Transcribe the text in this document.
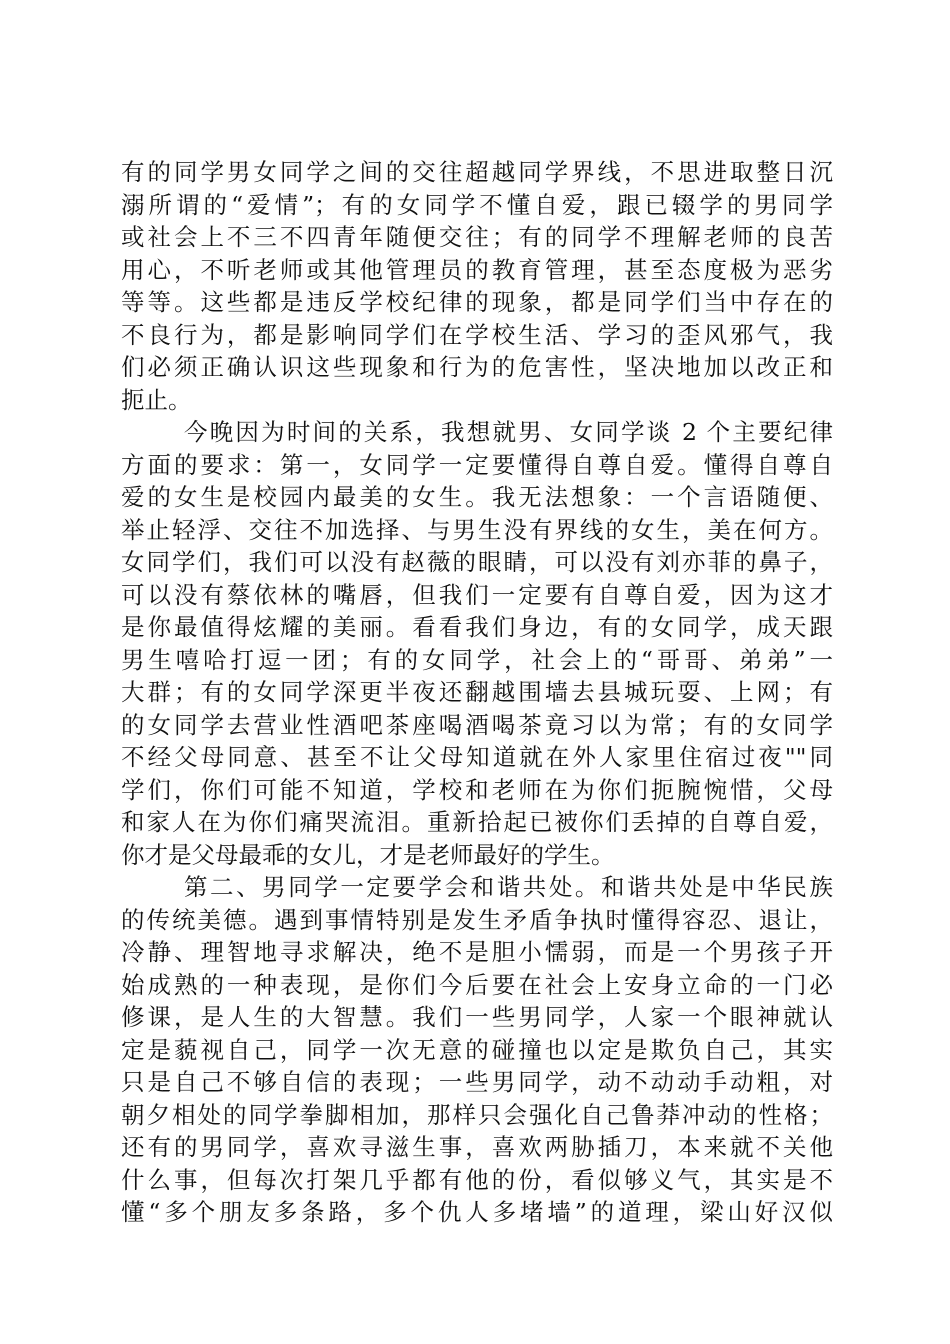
有的同学男女同学之间的交往超越同学界线，不思进取整日沉
溺所谓的“爱情”；有的女同学不懂自爱，跟已辍学的男同学
或社会上不三不四青年随便交往；有的同学不理解老师的良苦
用心，不听老师或其他管理员的教育管理，甚至态度极为恶劣
等等。这些都是违反学校纪律的现象，都是同学们当中存在的
不良行为，都是影响同学们在学校生活、学习的歪风邪气，我
们必须正确认识这些现象和行为的危害性，坚决地加以改正和
扼止。
今晚因为时间的关系，我想就男、女同学谈 2 个主要纪律
方面的要求：第一，女同学一定要懂得自尊自爱。懂得自尊自
爱的女生是校园内最美的女生。我无法想象：一个言语随便、
举止轻浮、交往不加选择、与男生没有界线的女生，美在何方。
女同学们，我们可以没有赵薇的眼睛，可以没有刘亦菲的鼻子，
可以没有蔡依林的嘴唇，但我们一定要有自尊自爱，因为这才
是你最值得炫耀的美丽。看看我们身边，有的女同学，成天跟
男生嘻哈打逗一团；有的女同学，社会上的“哥哥、弟弟”一
大群；有的女同学深更半夜还翻越围墙去县城玩耍、上网；有
的女同学去营业性酒吧茶座喝酒喝茶竟习以为常；有的女同学
不经父母同意、甚至不让父母知道就在外人家里住宿过夜""同
学们，你们可能不知道，学校和老师在为你们扼腕惋惜，父母
和家人在为你们痛哭流泪。重新拾起已被你们丢掉的自尊自爱，
你才是父母最乖的女儿，才是老师最好的学生。
第二、男同学一定要学会和谐共处。和谐共处是中华民族
的传统美德。遇到事情特别是发生矛盾争执时懂得容忍、退让，
冷静、理智地寻求解决，绝不是胆小懦弱，而是一个男孩子开
始成熟的一种表现，是你们今后要在社会上安身立命的一门必
修课，是人生的大智慧。我们一些男同学，人家一个眼神就认
定是藐视自己，同学一次无意的碰撞也以定是欺负自己，其实
只是自己不够自信的表现；一些男同学，动不动动手动粗，对
朝夕相处的同学拳脚相加，那样只会强化自己鲁莽冲动的性格；
还有的男同学，喜欢寻滋生事，喜欢两胁插刀，本来就不关他
什么事，但每次打架几乎都有他的份，看似够义气，其实是不
懂“多个朋友多条路，多个仇人多堵墙”的道理，梁山好汉似
